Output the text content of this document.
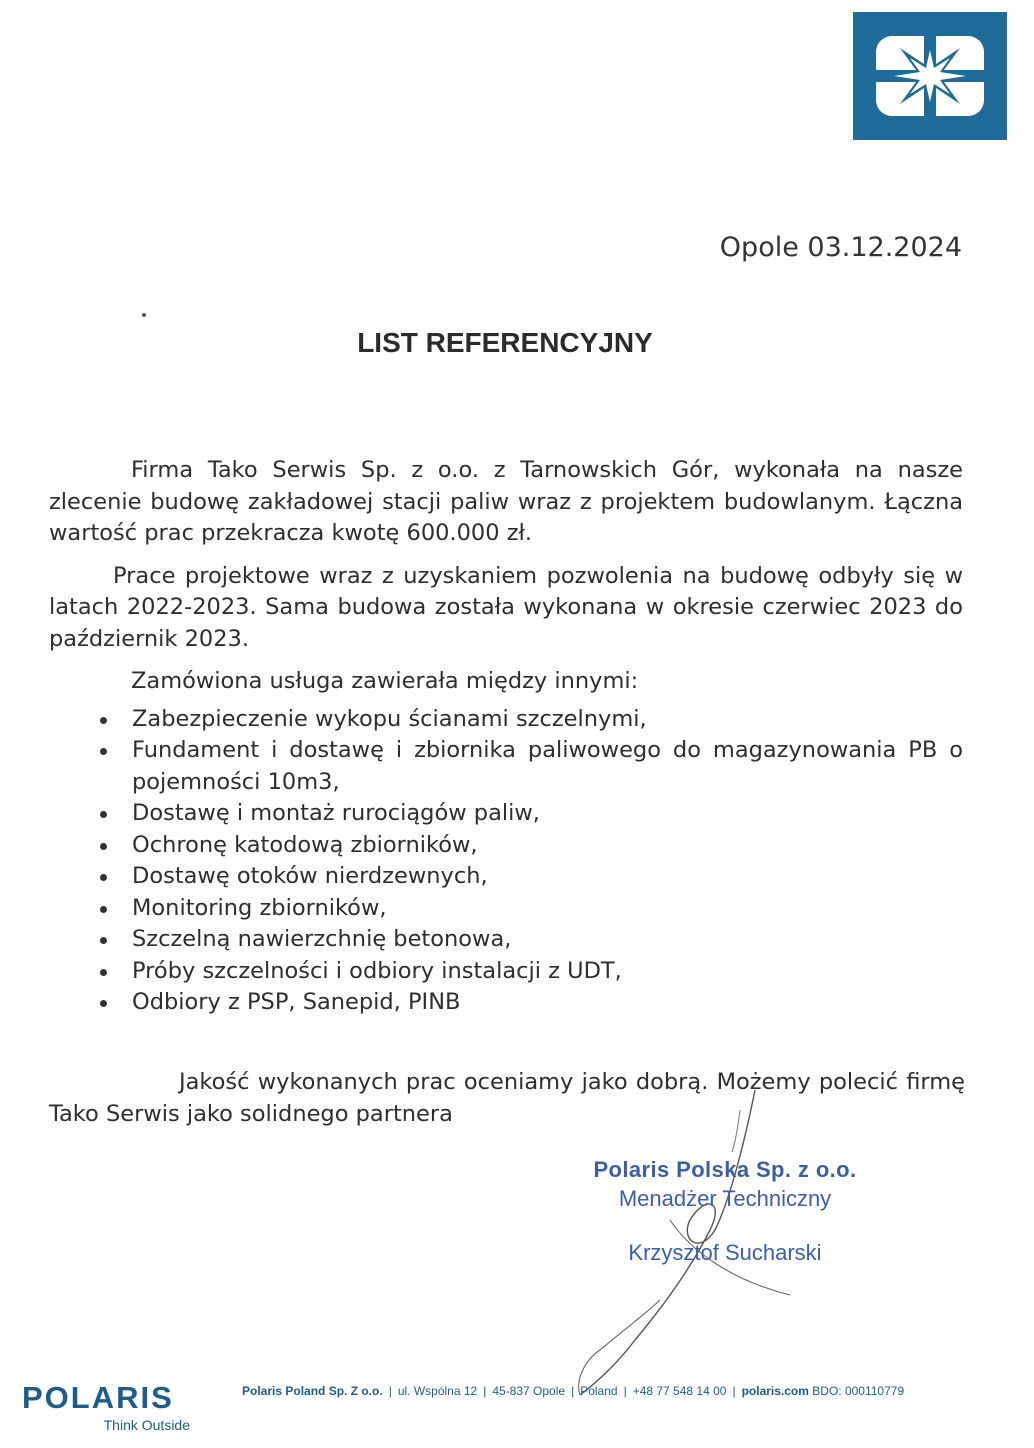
Opole 03.12.2024
LIST REFERENCYJNY

Firma Tako Serwis Sp. z o.o. z Tarnowskich Gór, wykonała na nasze zlecenie budowę zakładowej stacji paliw wraz z projektem budowlanym. Łączna wartość prac przekracza kwotę 600.000 zł.

Prace projektowe wraz z uzyskaniem pozwolenia na budowę odbyły się w latach 2022-2023. Sama budowa została wykonana w okresie czerwiec 2023 do październik 2023.

Zamówiona usługa zawierała między innymi:

Zabezpieczenie wykopu ścianami szczelnymi,
Fundament i dostawę i zbiornika paliwowego do magazynowania PB o pojemności 10m3,
Dostawę i montaż rurociągów paliw,
Ochronę katodową zbiorników,
Dostawę otoków nierdzewnych,
Monitoring zbiorników,
Szczelną nawierzchnię betonowa,
Próby szczelności i odbiory instalacji z UDT,
Odbiory z PSP, Sanepid, PINB

Jakość wykonanych prac oceniamy jako dobrą. Możemy polecić firmę Tako Serwis jako solidnego partnera

Polaris Polska Sp. z o.o.
Menadżer Techniczny
Krzysztof Sucharski
POLARIS
Think Outside
Polaris Poland Sp. Z o.o. | ul. Wspólna 12 | 45-837 Opole | Poland | +48 77 548 14 00 | polaris.com BDO: 000110779
